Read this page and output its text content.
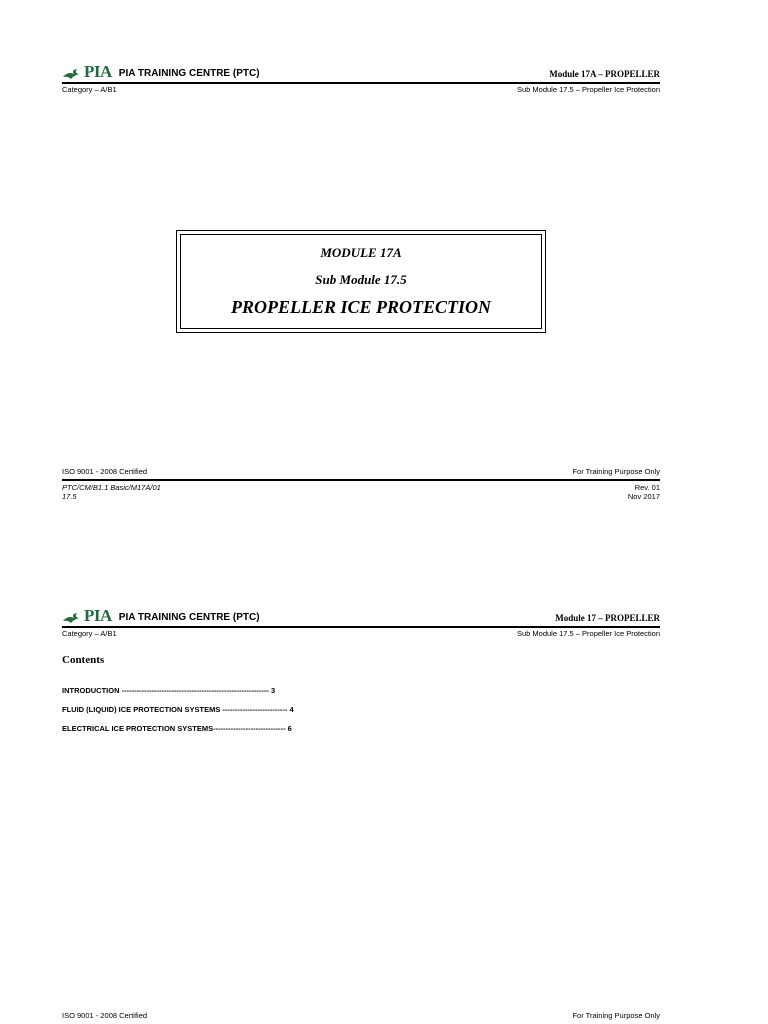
PIA PIA TRAINING CENTRE (PTC)	Module 17A – PROPELLER
Category – A/B1	Sub Module 17.5 – Propeller Ice Protection
MODULE 17A
Sub Module 17.5
PROPELLER ICE PROTECTION
ISO 9001 - 2008 Certified	For Training Purpose Only
PTC/CM/B1.1 Basic/M17A/01
17.5
Rev. 01
Nov 2017
PIA PIA TRAINING CENTRE (PTC)	Module 17 – PROPELLER
Category – A/B1	Sub Module 17.5 – Propeller Ice Protection
Contents
INTRODUCTION ----------------------------------------------------------- 3
FLUID (LIQUID) ICE PROTECTION SYSTEMS -------------------------- 4
ELECTRICAL ICE PROTECTION SYSTEMS----------------------------- 6
ISO 9001 - 2008 Certified	For Training Purpose Only
